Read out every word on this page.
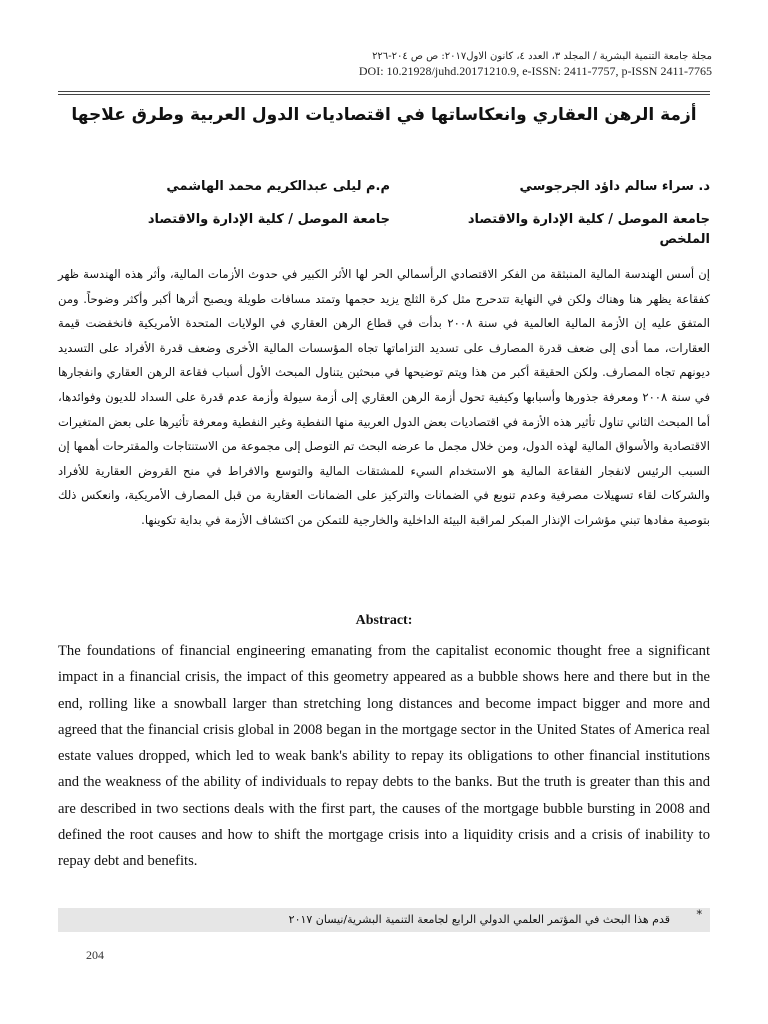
مجلة جامعة التنمية البشرية / المجلد ٣، العدد ٤، كانون الاول٢٠١٧: ص ص ٢٠٤-٢٢٦
DOI: 10.21928/juhd.20171210.9, e-ISSN: 2411-7757, p-ISSN 2411-7765
أزمة الرهن العقاري وانعكاساتها في اقتصاديات الدول العربية وطرق علاجها
د. سراء سالم داؤد الجرجوسي
جامعة الموصل / كلية الإدارة والاقتصاد
م.م ليلى عبدالكريم محمد الهاشمي
جامعة الموصل / كلية الإدارة والاقتصاد
الملخص
إن أسس الهندسة المالية المنبثقة من الفكر الاقتصادي الرأسمالي الحر لها الأثر الكبير في حدوث الأزمات المالية، وأثر هذه الهندسة ظهر كفقاعة يظهر هنا وهناك ولكن في النهاية تتدحرج مثل كرة الثلج يزيد حجمها وتمتد مسافات طويلة ويصبح أثرها أكبر وأكثر وضوحاً. ومن المتفق عليه إن الأزمة المالية العالمية في سنة ٢٠٠٨ بدأت في قطاع الرهن العقاري في الولايات المتحدة الأمريكية فانخفضت قيمة العقارات، مما أدى إلى ضعف قدرة المصارف على تسديد التزاماتها تجاه المؤسسات المالية الأخرى وضعف قدرة الأفراد على التسديد ديونهم تجاه المصارف. ولكن الحقيقة أكبر من هذا ويتم توضيحها في مبحثين يتناول المبحث الأول أسباب فقاعة الرهن العقاري وانفجارها في سنة ٢٠٠٨ ومعرفة جذورها وأسبابها وكيفية تحول أزمة الرهن العقاري إلى أزمة سيولة وأزمة عدم قدرة على السداد للديون وفوائدها، أما المبحث الثاني تناول تأثير هذه الأزمة في اقتصاديات بعض الدول العربية منها النفطية وغير النفطية ومعرفة تأثيرها على بعض المتغيرات الاقتصادية والأسواق المالية لهذه الدول، ومن خلال مجمل ما عرضه البحث تم التوصل إلى مجموعة من الاستنتاجات والمقترحات أهمها إن السبب الرئيس لانفجار الفقاعة المالية هو الاستخدام السيء للمشتقات المالية والتوسع والافراط في منح القروض العقارية للأفراد والشركات لقاء تسهيلات مصرفية وعدم تنويع في الضمانات والتركيز على الضمانات العقارية من قبل المصارف الأمريكية، وانعكس ذلك بتوصية مفادها تبني مؤشرات الإنذار المبكر لمراقبة البيئة الداخلية والخارجية للتمكن من اكتشاف الأزمة في بداية تكوينها.
Abstract:
The foundations of financial engineering emanating from the capitalist economic thought free a significant impact in a financial crisis, the impact of this geometry appeared as a bubble shows here and there but in the end, rolling like a snowball larger than stretching long distances and become impact bigger and more and agreed that the financial crisis global in 2008 began in the mortgage sector in the United States of America real estate values dropped, which led to weak bank's ability to repay its obligations to other financial institutions and the weakness of the ability of individuals to repay debts to the banks. But the truth is greater than this and are described in two sections deals with the first part, the causes of the mortgage bubble bursting in 2008 and defined the root causes and how to shift the mortgage crisis into a liquidity crisis and a crisis of inability to repay debt and benefits.
*
قدم هذا البحث في المؤتمر العلمي الدولي الرابع لجامعة التنمية البشرية/نيسان ٢٠١٧
204
